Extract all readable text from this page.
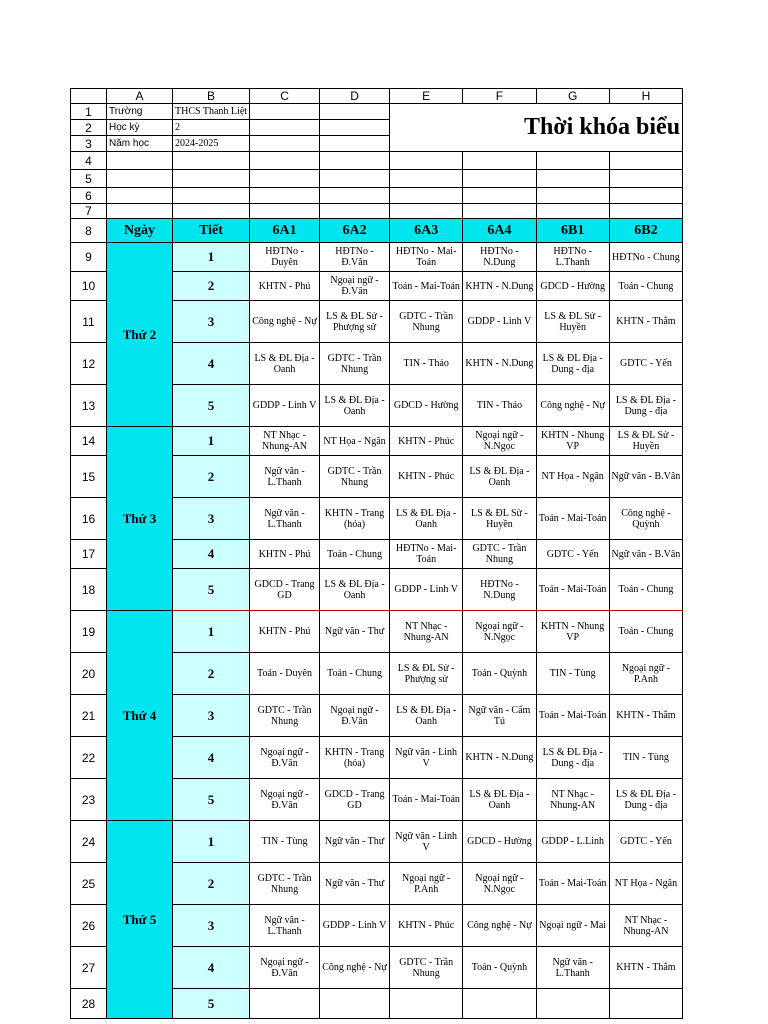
	A	B	C	D	E	F	G	H
1	Trường	THCS Thanh Liệt			Thời khóa biểu			
2	Học kỳ	2						
3	Năm học	2024-2025						
4								
5								
6								
7								
8	Ngày	Tiết	6A1	6A2	6A3	6A4	6B1	6B2
9	Thứ 2	1	HĐTNo - Duyên	HĐTNo - Đ.Vân	HĐTNo - Mai-Toán	HĐTNo - N.Dung	HĐTNo - L.Thanh	HĐTNo - Chung
10		2	KHTN - Phú	Ngoại ngữ - Đ.Vân	Toán - Mai-Toán	KHTN - N.Dung	GDCD - Hường	Toán - Chung
11		3	Công nghệ - Nự	LS & ĐL Sử - Phượng sử	GDTC - Trần Nhung	GDDP - Linh V	LS & ĐL Sử - Huyền	KHTN - Thắm
12		4	LS & ĐL Địa - Oanh	GDTC - Trần Nhung	TIN - Thảo	KHTN - N.Dung	LS & ĐL Địa - Dung - địa	GDTC - Yến
13		5	GDDP - Linh V	LS & ĐL Địa - Oanh	GDCD - Hường	TIN - Thảo	Công nghệ - Nự	LS & ĐL Địa - Dung - địa
14	Thứ 3	1	NT Nhạc - Nhung-AN	NT Họa - Ngân	KHTN - Phúc	Ngoại ngữ - N.Ngọc	KHTN - Nhung VP	LS & ĐL Sử - Huyền
15		2	Ngữ văn - L.Thanh	GDTC - Trần Nhung	KHTN - Phúc	LS & ĐL Địa - Oanh	NT Họa - Ngân	Ngữ văn - B.Vân
16		3	Ngữ văn - L.Thanh	KHTN - Trang (hóa)	LS & ĐL Địa - Oanh	LS & ĐL Sử - Huyền	Toán - Mai-Toán	Công nghệ - Quỳnh
17		4	KHTN - Phú	Toán - Chung	HĐTNo - Mai-Toán	GDTC - Trần Nhung	GDTC - Yến	Ngữ văn - B.Vân
18		5	GDCD - Trang GD	LS & ĐL Địa - Oanh	GDDP - Linh V	HĐTNo - N.Dung	Toán - Mai-Toán	Toán - Chung
19	Thứ 4	1	KHTN - Phú	Ngữ văn - Thư	NT Nhạc - Nhung-AN	Ngoại ngữ - N.Ngọc	KHTN - Nhung VP	Toán - Chung
20		2	Toán - Duyên	Toán - Chung	LS & ĐL Sử - Phượng sử	Toán - Quỳnh	TIN - Tùng	Ngoại ngữ - P.Anh
21		3	GDTC - Trần Nhung	Ngoại ngữ - Đ.Vân	LS & ĐL Địa - Oanh	Ngữ văn - Cẩm Tú	Toán - Mai-Toán	KHTN - Thắm
22		4	Ngoại ngữ - Đ.Vân	KHTN - Trang (hóa)	Ngữ văn - Linh V	KHTN - N.Dung	LS & ĐL Địa - Dung - địa	TIN - Tùng
23		5	Ngoại ngữ - Đ.Vân	GDCD - Trang GD	Toán - Mai-Toán	LS & ĐL Địa - Oanh	NT Nhạc - Nhung-AN	LS & ĐL Địa - Dung - địa
24	Thứ 5	1	TIN - Tùng	Ngữ văn - Thư	Ngữ văn - Linh V	GDCD - Hường	GDDP - L.Linh	GDTC - Yến
25		2	GDTC - Trần Nhung	Ngữ văn - Thư	Ngoại ngữ - P.Anh	Ngoại ngữ - N.Ngọc	Toán - Mai-Toán	NT Họa - Ngân
26		3	Ngữ văn - L.Thanh	GDDP - Linh V	KHTN - Phúc	Công nghệ - Nự	Ngoại ngữ - Mai	NT Nhạc - Nhung-AN
27		4	Ngoại ngữ - Đ.Vân	Công nghệ - Nự	GDTC - Trần Nhung	Toán - Quỳnh	Ngữ văn - L.Thanh	KHTN - Thắm
28		5						
